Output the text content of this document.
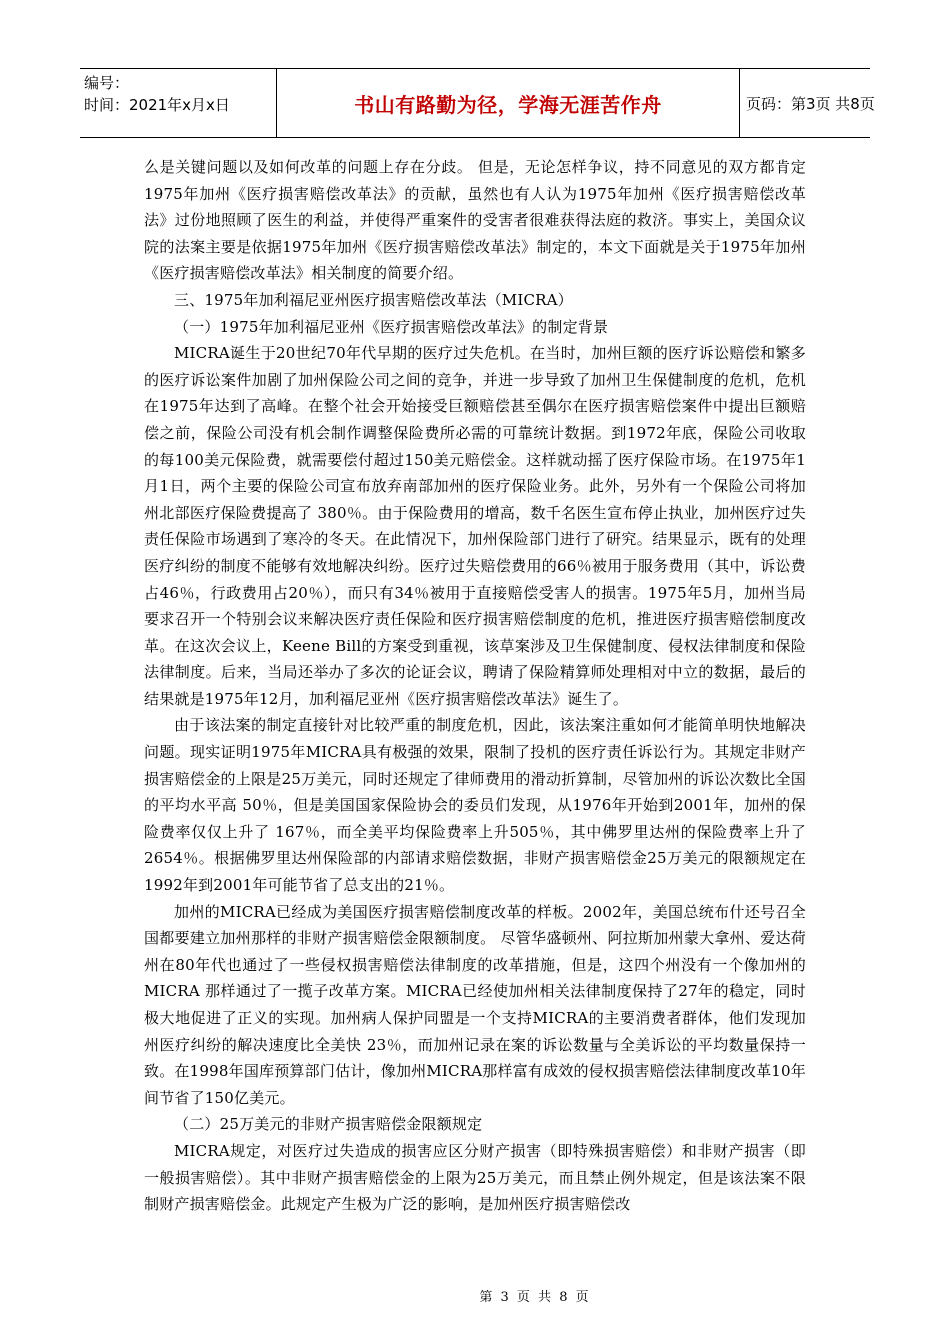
编号：
时间：2021年x月x日	书山有路勤为径，学海无涯苦作舟	页码：第3页 共8页

么是关键问题以及如何改革的问题上存在分歧。 但是，无论怎样争议，持不同意见的双方都肯定1975年加州《医疗损害赔偿改革法》的贡献，虽然也有人认为1975年加州《医疗损害赔偿改革法》过份地照顾了医生的利益，并使得严重案件的受害者很难获得法庭的救济。事实上，美国众议院的法案主要是依据1975年加州《医疗损害赔偿改革法》制定的，本文下面就是关于1975年加州《医疗损害赔偿改革法》相关制度的简要介绍。

三、1975年加利福尼亚州医疗损害赔偿改革法（MICRA）

（一）1975年加利福尼亚州《医疗损害赔偿改革法》的制定背景

MICRA诞生于20世纪70年代早期的医疗过失危机。在当时，加州巨额的医疗诉讼赔偿和繁多的医疗诉讼案件加剧了加州保险公司之间的竞争，并进一步导致了加州卫生保健制度的危机，危机在1975年达到了高峰。在整个社会开始接受巨额赔偿甚至偶尔在医疗损害赔偿案件中提出巨额赔偿之前，保险公司没有机会制作调整保险费所必需的可靠统计数据。到1972年底，保险公司收取的每100美元保险费，就需要偿付超过150美元赔偿金。这样就动摇了医疗保险市场。在1975年1月1日，两个主要的保险公司宣布放弃南部加州的医疗保险业务。此外，另外有一个保险公司将加州北部医疗保险费提高了 380％。由于保险费用的增高，数千名医生宣布停止执业，加州医疗过失责任保险市场遇到了寒冷的冬天。在此情况下，加州保险部门进行了研究。结果显示，既有的处理医疗纠纷的制度不能够有效地解决纠纷。医疗过失赔偿费用的66％被用于服务费用（其中，诉讼费占46％，行政费用占20％），而只有34％被用于直接赔偿受害人的损害。1975年5月，加州当局要求召开一个特别会议来解决医疗责任保险和医疗损害赔偿制度的危机，推进医疗损害赔偿制度改革。在这次会议上，Keene Bill的方案受到重视，该草案涉及卫生保健制度、侵权法律制度和保险法律制度。后来，当局还举办了多次的论证会议，聘请了保险精算师处理相对中立的数据，最后的结果就是1975年12月，加利福尼亚州《医疗损害赔偿改革法》诞生了。

由于该法案的制定直接针对比较严重的制度危机，因此，该法案注重如何才能简单明快地解决问题。现实证明1975年MICRA具有极强的效果，限制了投机的医疗责任诉讼行为。其规定非财产损害赔偿金的上限是25万美元，同时还规定了律师费用的滑动折算制，尽管加州的诉讼次数比全国的平均水平高 50％，但是美国国家保险协会的委员们发现，从1976年开始到2001年，加州的保险费率仅仅上升了 167％，而全美平均保险费率上升505％，其中佛罗里达州的保险费率上升了2654％。根据佛罗里达州保险部的内部请求赔偿数据，非财产损害赔偿金25万美元的限额规定在1992年到2001年可能节省了总支出的21％。

加州的MICRA已经成为美国医疗损害赔偿制度改革的样板。2002年，美国总统布什还号召全国都要建立加州那样的非财产损害赔偿金限额制度。 尽管华盛顿州、阿拉斯加州蒙大拿州、爱达荷州在80年代也通过了一些侵权损害赔偿法律制度的改革措施，但是，这四个州没有一个像加州的 MICRA 那样通过了一揽子改革方案。MICRA已经使加州相关法律制度保持了27年的稳定，同时极大地促进了正义的实现。加州病人保护同盟是一个支持MICRA的主要消费者群体，他们发现加州医疗纠纷的解决速度比全美快 23％，而加州记录在案的诉讼数量与全美诉讼的平均数量保持一致。在1998年国库预算部门估计，像加州MICRA那样富有成效的侵权损害赔偿法律制度改革10年间节省了150亿美元。

（二）25万美元的非财产损害赔偿金限额规定

MICRA规定，对医疗过失造成的损害应区分财产损害（即特殊损害赔偿）和非财产损害（即一般损害赔偿）。其中非财产损害赔偿金的上限为25万美元，而且禁止例外规定，但是该法案不限制财产损害赔偿金。此规定产生极为广泛的影响，是加州医疗损害赔偿改

第 3 页 共 8 页
